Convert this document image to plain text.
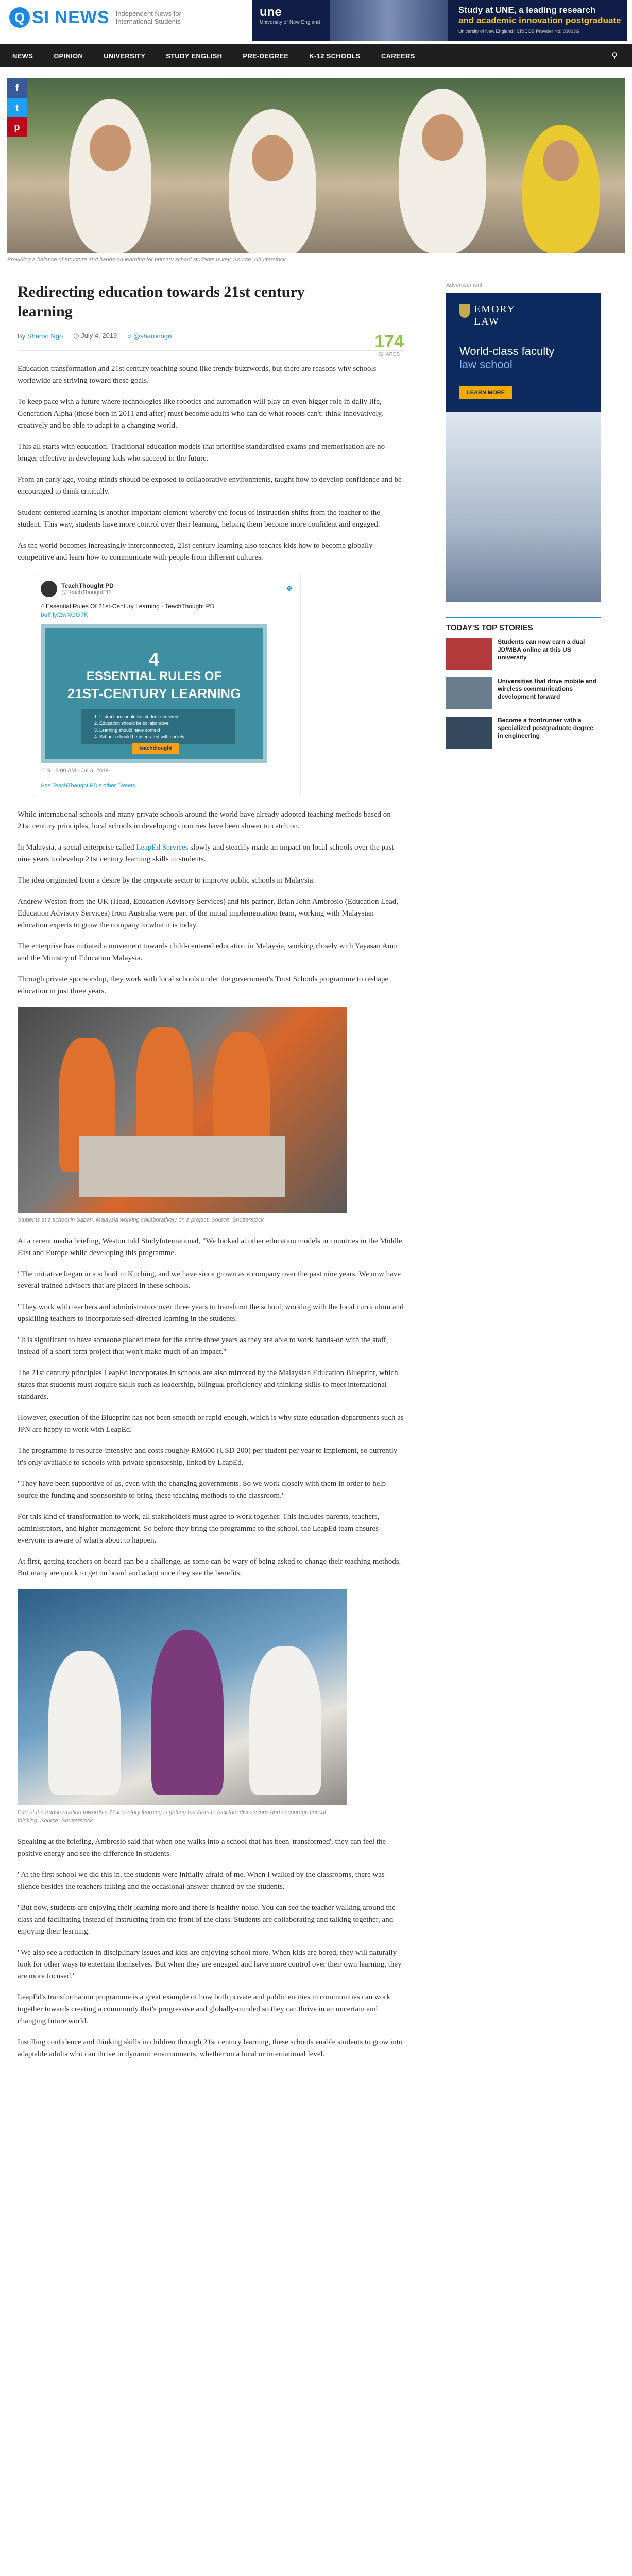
Q SI NEWS Independent News for International Students
une
University of New England
Study at UNE, a leading research
and academic innovation postgraduate
University of New England | CRICOS Provider No: 00003G
NEWS	OPINION	UNIVERSITY	STUDY ENGLISH	PRE-DEGREE	K-12 SCHOOLS	CAREERS	⚲
f
t
p
Providing a balance of structure and hands-on learning for primary school students is key. Source: Shutterstock
Redirecting education towards 21st century learning
By Sharon Ngo ◷ July 4, 2019 ○ @sharonngo	174
SHARES

Education transformation and 21st century teaching sound like trendy buzzwords, but there are reasons why schools worldwide are striving toward these goals.

To keep pace with a future where technologies like robotics and automation will play an even bigger role in daily life, Generation Alpha (those born in 2011 and after) must become adults who can do what robots can't: think innovatively, creatively and be able to adapt to a changing world.

This all starts with education. Traditional education models that prioritise standardised exams and memorisation are no longer effective in developing kids who succeed in the future.

From an early age, young minds should be exposed to collaborative environments, taught how to develop confidence and be encouraged to think critically.

Student-centered learning is another important element whereby the focus of instruction shifts from the teacher to the student. This way, students have more control over their learning, helping them become more confident and engaged.

As the world becomes increasingly interconnected, 21st century learning also teaches kids how to become globally competitive and learn how to communicate with people from different cultures.

TeachThought PD
@TeachThoughtPD	❖
4 Essential Rules Of 21st-Century Learning - TeachThought PD
buff.ly/2wXGG7K
4
ESSENTIAL RULES OF
21ST-CENTURY LEARNING
1. Instruction should be student-centered
2. Education should be collaborative
3. Learning should have context
4. Schools should be integrated with society
teachthought
♡ 9 8:00 AM - Jul 3, 2019
See TeachThought PD's other Tweets

While international schools and many private schools around the world have already adopted teaching methods based on 21st century principles, local schools in developing countries have been slower to catch on.

In Malaysia, a social enterprise called LeapEd Services slowly and steadily made an impact on local schools over the past nine years to develop 21st century learning skills in students.

The idea originated from a desire by the corporate sector to improve public schools in Malaysia.

Andrew Weston from the UK (Head, Education Advisory Services) and his partner, Brian John Ambrosio (Education Lead, Education Advisory Services) from Australia were part of the initial implementation team, working with Malaysian education experts to grow the company to what it is today.

The enterprise has initiated a movement towards child-centered education in Malaysia, working closely with Yayasan Amir and the Ministry of Education Malaysia.

Through private sponsorship, they work with local schools under the government's Trust Schools programme to reshape education in just three years.

Students at a school in Sabah, Malaysia working collaboratively on a project. Source: Shutterstock

At a recent media briefing, Weston told StudyInternational, "We looked at other education models in countries in the Middle East and Europe while developing this programme.

"The initiative began in a school in Kuching, and we have since grown as a company over the past nine years. We now have several trained advisors that are placed in these schools.

"They work with teachers and administrators over three years to transform the school, working with the local curriculum and upskilling teachers to incorporate self-directed learning in the students.

"It is significant to have someone placed there for the entire three years as they are able to work hands-on with the staff, instead of a short-term project that won't make much of an impact."

The 21st century principles LeapEd incorporates in schools are also mirrored by the Malaysian Education Blueprint, which states that students must acquire skills such as leadership, bilingual proficiency and thinking skills to meet international standards.

However, execution of the Blueprint has not been smooth or rapid enough, which is why state education departments such as JPN are happy to work with LeapEd.

The programme is resource-intensive and costs roughly RM600 (USD 200) per student per year to implement, so currently it's only available to schools with private sponsorship, linked by LeapEd.

"They have been supportive of us, even with the changing governments. So we work closely with them in order to help source the funding and sponsorship to bring these teaching methods to the classroom."

For this kind of transformation to work, all stakeholders must agree to work together. This includes parents, teachers, administrators, and higher management. So before they bring the programme to the school, the LeapEd team ensures everyone is aware of what's about to happen.

At first, getting teachers on board can be a challenge, as some can be wary of being asked to change their teaching methods. But many are quick to get on board and adapt once they see the benefits.

Part of the transformation towards a 21st century learning is getting teachers to facilitate discussions and encourage critical thinking. Source: Shutterstock

Speaking at the briefing, Ambrosio said that when one walks into a school that has been 'transformed', they can feel the positive energy and see the difference in students.

"At the first school we did this in, the students were initially afraid of me. When I walked by the classrooms, there was silence besides the teachers talking and the occasional answer chanted by the students.

"But now, students are enjoying their learning more and there is healthy noise. You can see the teacher walking around the class and facilitating instead of instructing from the front of the class. Students are collaborating and talking together, and enjoying their learning.

"We also see a reduction in disciplinary issues and kids are enjoying school more. When kids are bored, they will naturally look for other ways to entertain themselves. But when they are engaged and have more control over their own learning, they are more focused."

LeapEd's transformation programme is a great example of how both private and public entities in communities can work together towards creating a community that's progressive and globally-minded so they can thrive in an uncertain and changing future world.

Instilling confidence and thinking skills in children through 21st century learning, these schools enable students to grow into adaptable adults who can thrive in dynamic environments, whether on a local or international level.

Advertisement
EMORY
LAW
World-class faculty
law school
LEARN MORE
TODAY'S TOP STORIES
Students can now earn a dual JD/MBA online at this US university
Universities that drive mobile and wireless communications development forward
Become a frontrunner with a specialized postgraduate degree in engineering
